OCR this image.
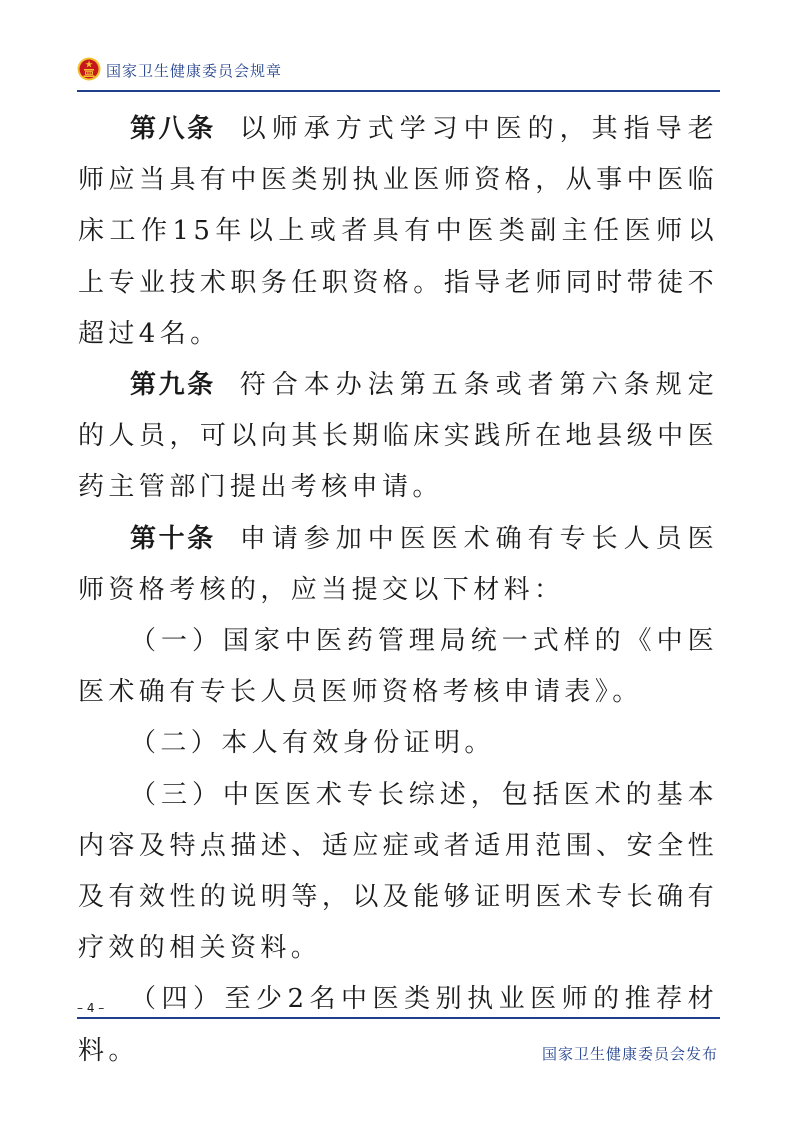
国家卫生健康委员会规章

第八条 以师承方式学习中医的，其指导老师应当具有中医类别执业医师资格，从事中医临床工作15年以上或者具有中医类副主任医师以上专业技术职务任职资格。指导老师同时带徒不超过4名。

第九条 符合本办法第五条或者第六条规定的人员，可以向其长期临床实践所在地县级中医药主管部门提出考核申请。

第十条 申请参加中医医术确有专长人员医师资格考核的，应当提交以下材料：

（一）国家中医药管理局统一式样的《中医医术确有专长人员医师资格考核申请表》。

（二）本人有效身份证明。

（三）中医医术专长综述，包括医术的基本内容及特点描述、适应症或者适用范围、安全性及有效性的说明等，以及能够证明医术专长确有疗效的相关资料。

（四）至少2名中医类别执业医师的推荐材料。

– 4 –
国家卫生健康委员会发布
